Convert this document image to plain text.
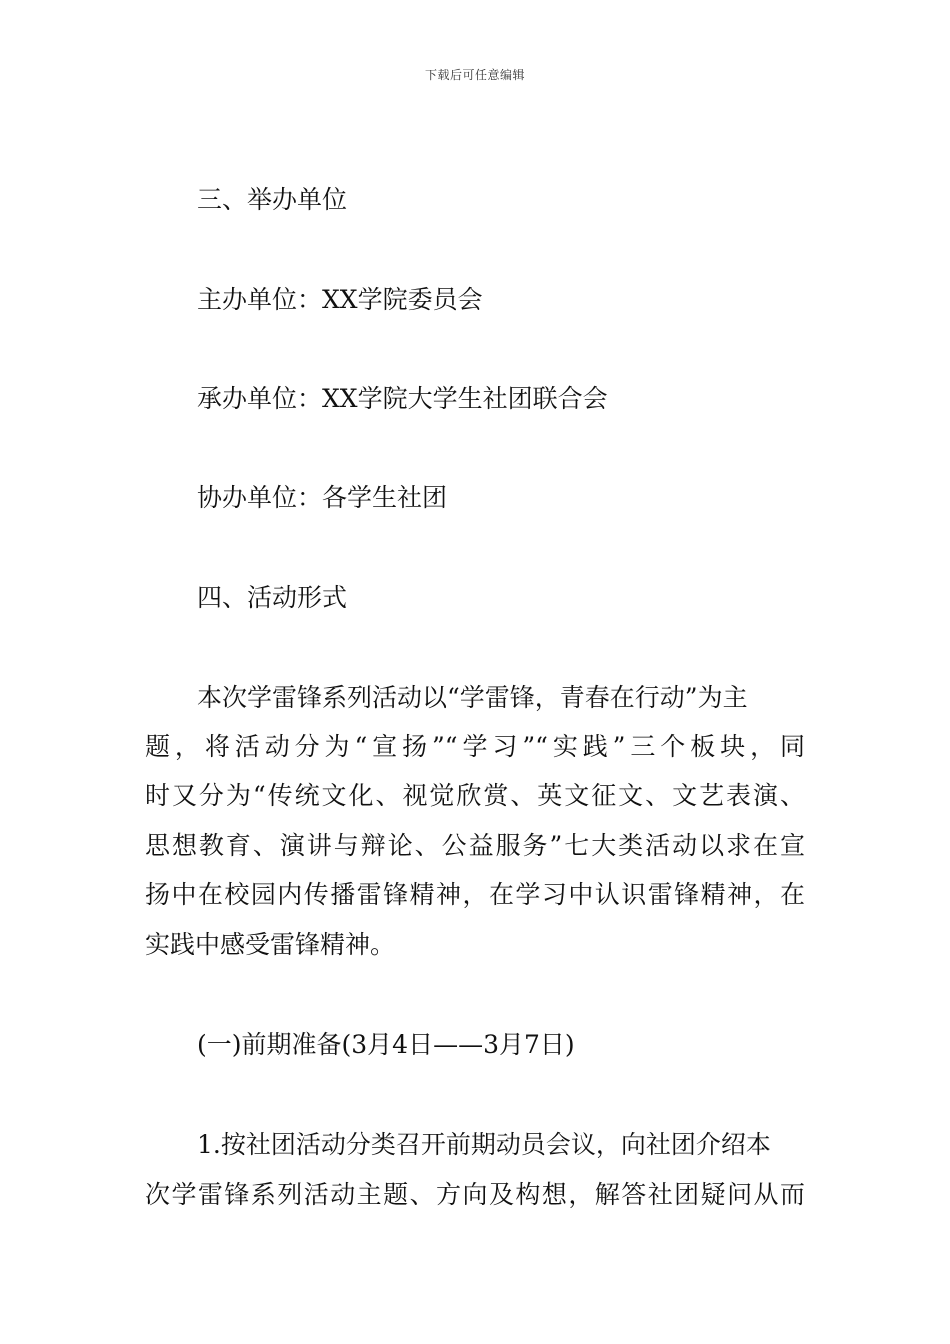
下载后可任意编辑
三、举办单位
主办单位：XX学院委员会
承办单位：XX学院大学生社团联合会
协办单位：各学生社团
四、活动形式
本次学雷锋系列活动以“学雷锋，青春在行动”为主
题，将活动分为“宣扬”“学习”“实践”三个板块，同
时又分为“传统文化、视觉欣赏、英文征文、文艺表演、
思想教育、演讲与辩论、公益服务”七大类活动以求在宣
扬中在校园内传播雷锋精神，在学习中认识雷锋精神，在
实践中感受雷锋精神。
(一)前期准备(3月4日——3月7日)
1.按社团活动分类召开前期动员会议，向社团介绍本
次学雷锋系列活动主题、方向及构想，解答社团疑问从而
